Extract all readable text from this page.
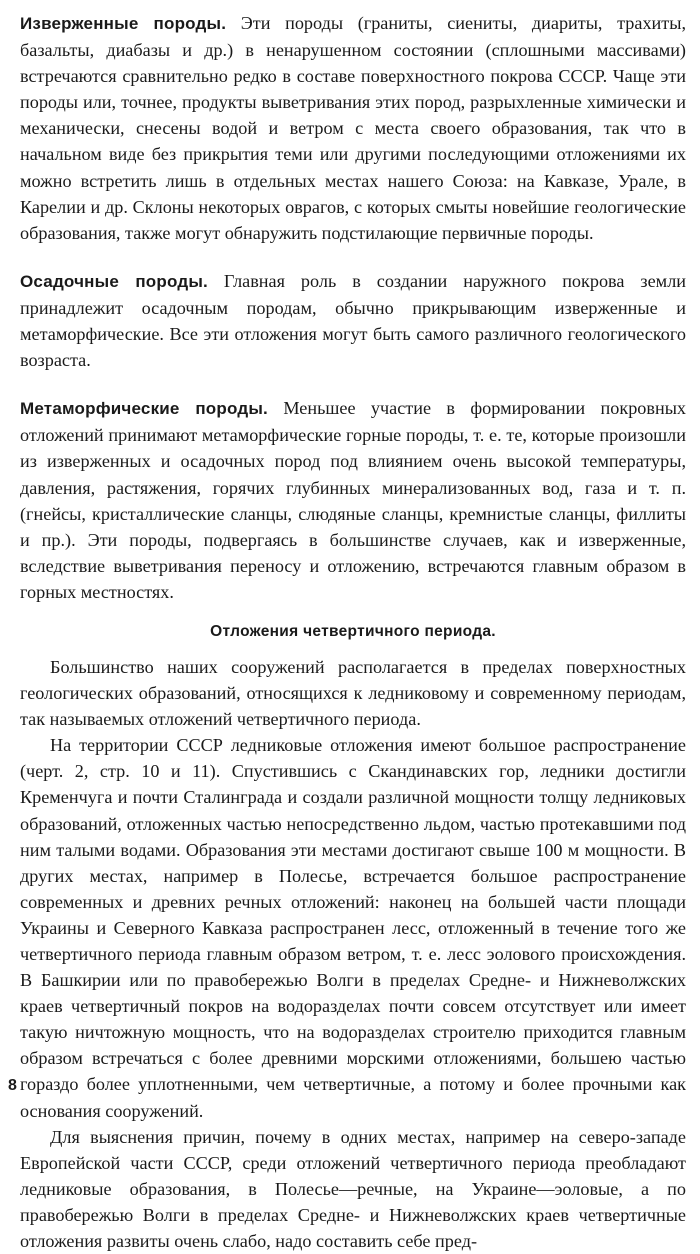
Изверженные породы. Эти породы (граниты, сиениты, диариты, трахиты, базальты, диабазы и др.) в ненарушенном состоянии (сплошными массивами) встречаются сравнительно редко в составе поверхностного покрова СССР. Чаще эти породы или, точнее, продукты выветривания этих пород, разрыхленные химически и механически, снесены водой и ветром с места своего образования, так что в начальном виде без прикрытия теми или другими последующими отложениями их можно встретить лишь в отдельных местах нашего Союза: на Кавказе, Урале, в Карелии и др. Склоны некоторых оврагов, с которых смыты новейшие геологические образования, также могут обнаружить подстилающие первичные породы.

Осадочные породы. Главная роль в создании наружного покрова земли принадлежит осадочным породам, обычно прикрывающим изверженные и метаморфические. Все эти отложения могут быть самого различного геологического возраста.

Метаморфические породы. Меньшее участие в формировании покровных отложений принимают метаморфические горные породы, т. е. те, которые произошли из изверженных и осадочных пород под влиянием очень высокой температуры, давления, растяжения, горячих глубинных минерализованных вод, газа и т. п. (гнейсы, кристаллические сланцы, слюдяные сланцы, кремнистые сланцы, филлиты и пр.). Эти породы, подвергаясь в большинстве случаев, как и изверженные, вследствие выветривания переносу и отложению, встречаются главным образом в горных местностях.

Отложения четвертичного периода.

Большинство наших сооружений располагается в пределах поверхностных геологических образований, относящихся к ледниковому и современному периодам, так называемых отложений четвертичного периода.

На территории СССР ледниковые отложения имеют большое распространение (черт. 2, стр. 10 и 11). Спустившись с Скандинавских гор, ледники достигли Кременчуга и почти Сталинграда и создали различной мощности толщу ледниковых образований, отложенных частью непосредственно льдом, частью протекавшими под ним талыми водами. Образования эти местами достигают свыше 100 м мощности. В других местах, например в Полесье, встречается большое распространение современных и древних речных отложений: наконец на большей части площади Украины и Северного Кавказа распространен лесс, отложенный в течение того же четвертичного периода главным образом ветром, т. е. лесс эолового происхождения. В Башкирии или по правобережью Волги в пределах Средне- и Нижневолжских краев четвертичный покров на водоразделах почти совсем отсутствует или имеет такую ничтожную мощность, что на водоразделах строителю приходится главным образом встречаться с более древними морскими отложениями, большею частью гораздо более уплотненными, чем четвертичные, а потому и более прочными как основания сооружений.

Для выяснения причин, почему в одних местах, например на северо-западе Европейской части СССР, среди отложений четвертичного периода преобладают ледниковые образования, в Полесье—речные, на Украине—эоловые, а по правобережью Волги в пределах Средне- и Нижневолжских краев четвертичные отложения развиты очень слабо, надо составить себе пред-

8
